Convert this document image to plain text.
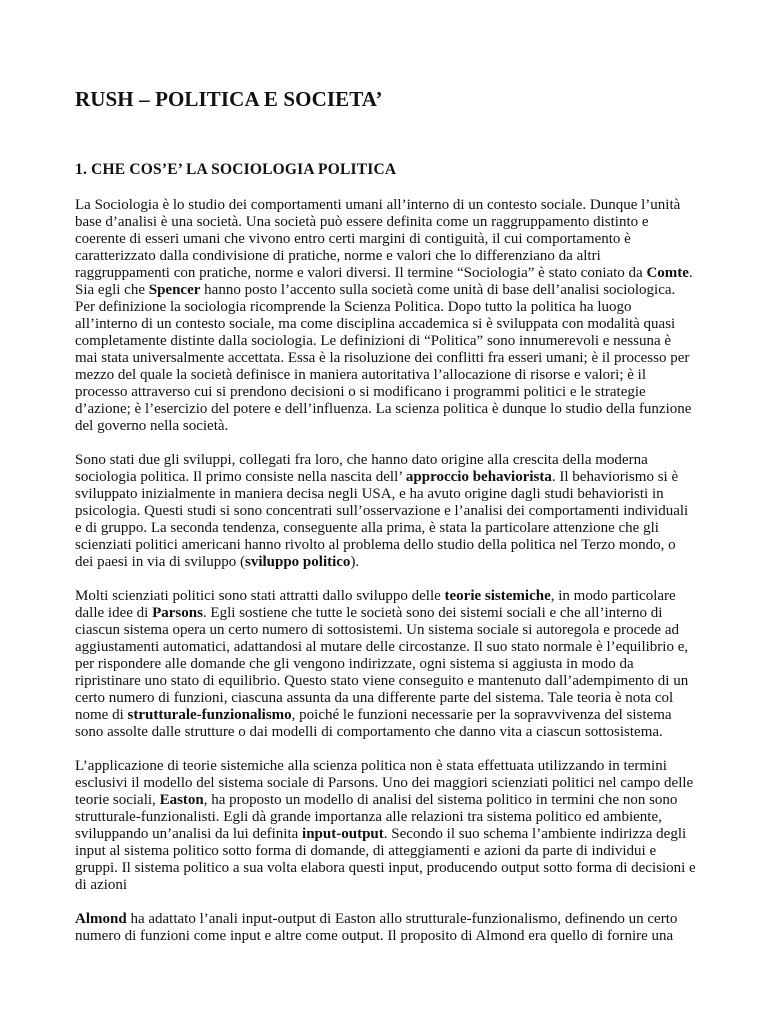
RUSH – POLITICA E SOCIETA’
1. CHE COS’E’ LA SOCIOLOGIA POLITICA

La Sociologia è lo studio dei comportamenti umani all’interno di un contesto sociale. Dunque l’unità base d’analisi è una società. Una società può essere definita come un raggruppamento distinto e coerente di esseri umani che vivono entro certi margini di contiguità, il cui comportamento è caratterizzato dalla condivisione di pratiche, norme e valori che lo differenziano da altri raggruppamenti con pratiche, norme e valori diversi. Il termine “Sociologia” è stato coniato da Comte. Sia egli che Spencer hanno posto l’accento sulla società come unità di base dell’analisi sociologica. Per definizione la sociologia ricomprende la Scienza Politica. Dopo tutto la politica ha luogo all’interno di un contesto sociale, ma come disciplina accademica si è sviluppata con modalità quasi completamente distinte dalla sociologia. Le definizioni di “Politica” sono innumerevoli e nessuna è mai stata universalmente accettata. Essa è la risoluzione dei conflitti fra esseri umani; è il processo per mezzo del quale la società definisce in maniera autoritativa l’allocazione di risorse e valori; è il processo attraverso cui si prendono decisioni o si modificano i programmi politici e le strategie d’azione; è l’esercizio del potere e dell’influenza. La scienza politica è dunque lo studio della funzione del governo nella società.

Sono stati due gli sviluppi, collegati fra loro, che hanno dato origine alla crescita della moderna sociologia politica. Il primo consiste nella nascita dell’ approccio behaviorista. Il behaviorismo si è sviluppato inizialmente in maniera decisa negli USA, e ha avuto origine dagli studi behavioristi in psicologia. Questi studi si sono concentrati sull’osservazione e l’analisi dei comportamenti individuali e di gruppo. La seconda tendenza, conseguente alla prima, è stata la particolare attenzione che gli scienziati politici americani hanno rivolto al problema dello studio della politica nel Terzo mondo, o dei paesi in via di sviluppo (sviluppo politico).

Molti scienziati politici sono stati attratti dallo sviluppo delle teorie sistemiche, in modo particolare dalle idee di Parsons. Egli sostiene che tutte le società sono dei sistemi sociali e che all’interno di ciascun sistema opera un certo numero di sottosistemi. Un sistema sociale si autoregola e procede ad aggiustamenti automatici, adattandosi al mutare delle circostanze. Il suo stato normale è l’equilibrio e, per rispondere alle domande che gli vengono indirizzate, ogni sistema si aggiusta in modo da ripristinare uno stato di equilibrio. Questo stato viene conseguito e mantenuto dall’adempimento di un certo numero di funzioni, ciascuna assunta da una differente parte del sistema. Tale teoria è nota col nome di strutturale-funzionalismo, poiché le funzioni necessarie per la sopravvivenza del sistema sono assolte dalle strutture o dai modelli di comportamento che danno vita a ciascun sottosistema.

L’applicazione di teorie sistemiche alla scienza politica non è stata effettuata utilizzando in termini esclusivi il modello del sistema sociale di Parsons. Uno dei maggiori scienziati politici nel campo delle teorie sociali, Easton, ha proposto un modello di analisi del sistema politico in termini che non sono strutturale-funzionalisti. Egli dà grande importanza alle relazioni tra sistema politico ed ambiente, sviluppando un’analisi da lui definita input-output. Secondo il suo schema l’ambiente indirizza degli input al sistema politico sotto forma di domande, di atteggiamenti e azioni da parte di individui e gruppi. Il sistema politico a sua volta elabora questi input, producendo output sotto forma di decisioni e di azioni

Almond ha adattato l’anali input-output di Easton allo strutturale-funzionalismo, definendo un certo numero di funzioni come input e altre come output. Il proposito di Almond era quello di fornire una
